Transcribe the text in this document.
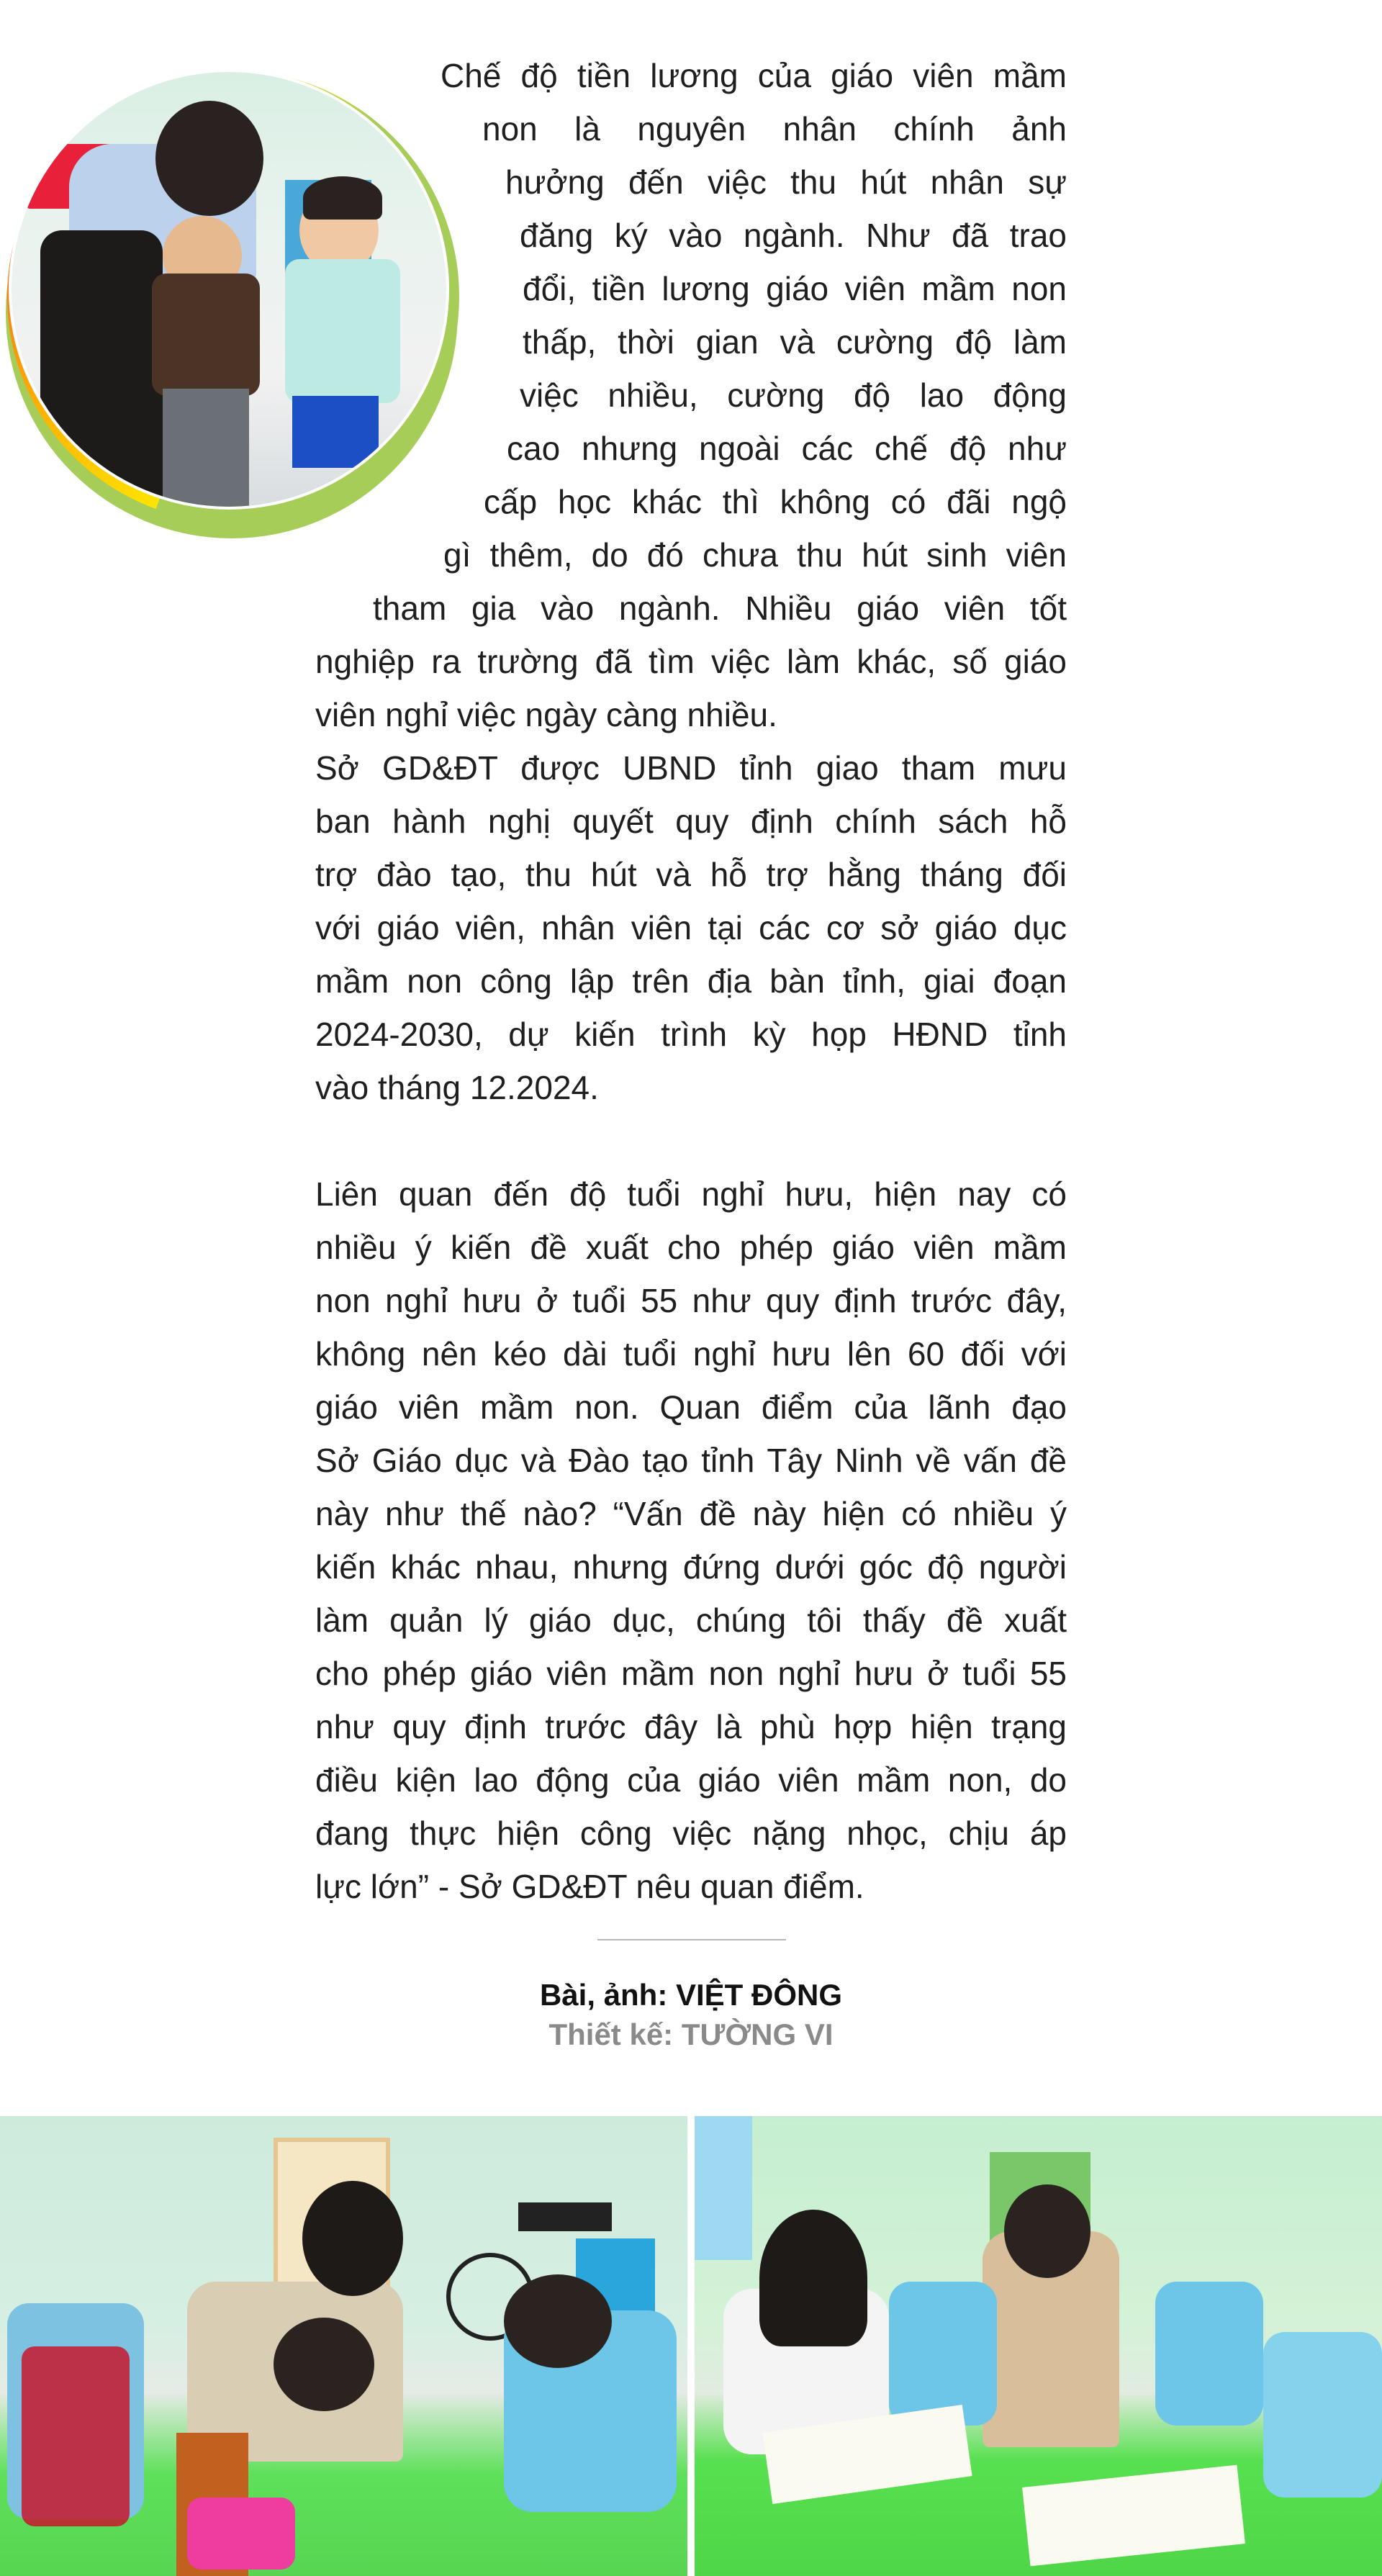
Chế độ tiền lương của giáo viên mầm
non là nguyên nhân chính ảnh
hưởng đến việc thu hút nhân sự
đăng ký vào ngành. Như đã trao
đổi, tiền lương giáo viên mầm non
thấp, thời gian và cường độ làm
việc nhiều, cường độ lao động
cao nhưng ngoài các chế độ như
cấp học khác thì không có đãi ngộ
gì thêm, do đó chưa thu hút sinh viên
tham gia vào ngành. Nhiều giáo viên tốt
nghiệp ra trường đã tìm việc làm khác, số giáo
viên nghỉ việc ngày càng nhiều.
Sở GD&ĐT được UBND tỉnh giao tham mưu
ban hành nghị quyết quy định chính sách hỗ
trợ đào tạo, thu hút và hỗ trợ hằng tháng đối
với giáo viên, nhân viên tại các cơ sở giáo dục
mầm non công lập trên địa bàn tỉnh, giai đoạn
2024-2030, dự kiến trình kỳ họp HĐND tỉnh
vào tháng 12.2024.
Liên quan đến độ tuổi nghỉ hưu, hiện nay có
nhiều ý kiến đề xuất cho phép giáo viên mầm
non nghỉ hưu ở tuổi 55 như quy định trước đây,
không nên kéo dài tuổi nghỉ hưu lên 60 đối với
giáo viên mầm non. Quan điểm của lãnh đạo
Sở Giáo dục và Đào tạo tỉnh Tây Ninh về vấn đề
này như thế nào? “Vấn đề này hiện có nhiều ý
kiến khác nhau, nhưng đứng dưới góc độ người
làm quản lý giáo dục, chúng tôi thấy đề xuất
cho phép giáo viên mầm non nghỉ hưu ở tuổi 55
như quy định trước đây là phù hợp hiện trạng
điều kiện lao động của giáo viên mầm non, do
đang thực hiện công việc nặng nhọc, chịu áp
lực lớn” - Sở GD&ĐT nêu quan điểm.
Bài, ảnh: VIỆT ĐÔNG
Thiết kế: TƯỜNG VI
